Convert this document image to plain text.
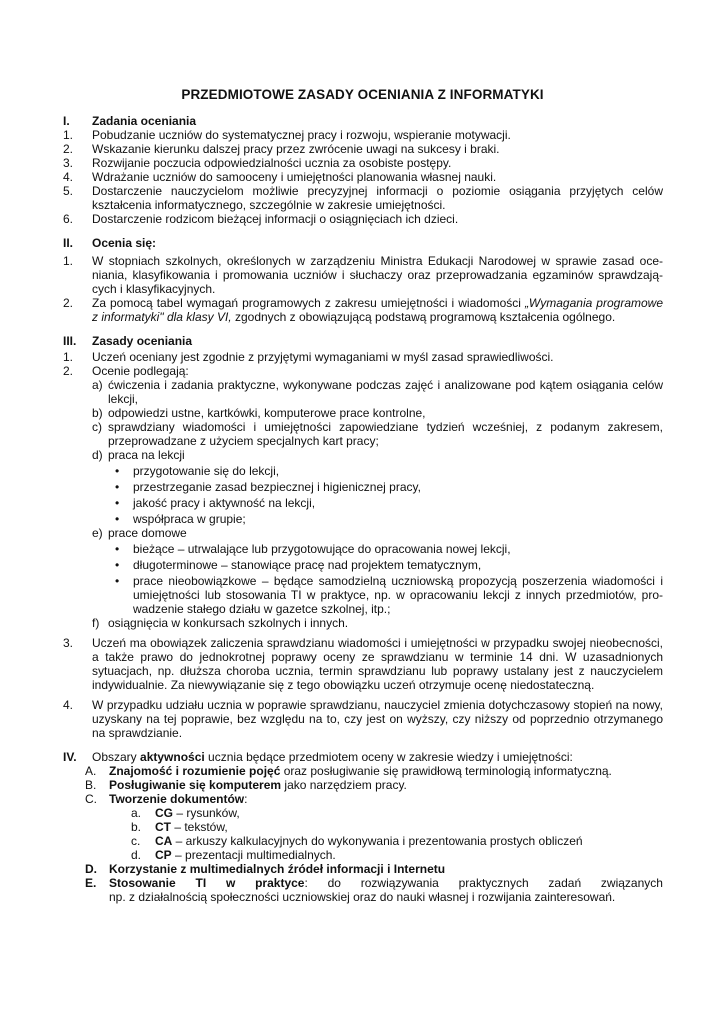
PRZEDMIOTOWE ZASADY OCENIANIA Z INFORMATYKI
I.	Zadania oceniania
1.	Pobudzanie uczniów do systematycznej pracy i rozwoju, wspieranie motywacji.
2.	Wskazanie kierunku dalszej pracy przez zwrócenie uwagi na sukcesy i braki.
3.	Rozwijanie poczucia odpowiedzialności ucznia za osobiste postępy.
4.	Wdrażanie uczniów do samooceny i umiejętności planowania własnej nauki.
5.	Dostarczenie nauczycielom możliwie precyzyjnej informacji o poziomie osiągania przyjętych celów kształcenia informatycznego, szczególnie w zakresie umiejętności.
6.	Dostarczenie rodzicom bieżącej informacji o osiągnięciach ich dzieci.
II.	Ocenia się:
1.	W stopniach szkolnych, określonych w zarządzeniu Ministra Edukacji Narodowej w sprawie zasad oceniania, klasyfikowania i promowania uczniów i słuchaczy oraz przeprowadzania egzaminów sprawdzających i klasyfikacyjnych.
2.	Za pomocą tabel wymagań programowych z zakresu umiejętności i wiadomości „Wymagania programowe z informatyki" dla klasy VI, zgodnych z obowiązującą podstawą programową kształcenia ogólnego.
III.	Zasady oceniania
1.	Uczeń oceniany jest zgodnie z przyjętymi wymaganiami w myśl zasad sprawiedliwości.
2.	Ocenie podlegają:
a) ćwiczenia i zadania praktyczne, wykonywane podczas zajęć i analizowane pod kątem osiągania celów lekcji,
b) odpowiedzi ustne, kartkówki, komputerowe prace kontrolne,
c) sprawdziany wiadomości i umiejętności zapowiedziane tydzień wcześniej, z podanym zakresem, przeprowadzane z użyciem specjalnych kart pracy;
d) praca na lekcji
•	przygotowanie się do lekcji,
•	przestrzeganie zasad bezpiecznej i higienicznej pracy,
•	jakość pracy i aktywność na lekcji,
•	współpraca w grupie;
e) prace domowe
•	bieżące – utrwalające lub przygotowujące do opracowania nowej lekcji,
•	długoterminowe – stanowiące pracę nad projektem tematycznym,
•	prace nieobowiązkowe – będące samodzielną uczniowską propozycją poszerzenia wiadomości i umiejętności lub stosowania TI w praktyce, np. w opracowaniu lekcji z innych przedmiotów, prowadzenie stałego działu w gazetce szkolnej, itp.;
f) osiągnięcia w konkursach szkolnych i innych.
3.	Uczeń ma obowiązek zaliczenia sprawdzianu wiadomości i umiejętności w przypadku swojej nieobecności, a także prawo do jednokrotnej poprawy oceny ze sprawdzianu w terminie 14 dni. W uzasadnionych sytuacjach, np. dłuższa choroba ucznia, termin sprawdzianu lub poprawy ustalany jest z nauczycielem indywidualnie. Za niewywiązanie się z tego obowiązku uczeń otrzymuje ocenę niedostateczną.
4.	W przypadku udziału ucznia w poprawie sprawdzianu, nauczyciel zmienia dotychczasowy stopień na nowy, uzyskany na tej poprawie, bez względu na to, czy jest on wyższy, czy niższy od poprzednio otrzymanego na sprawdzianie.
IV.	Obszary aktywności ucznia będące przedmiotem oceny w zakresie wiedzy i umiejętności:
A.	Znajomość i rozumienie pojęć oraz posługiwanie się prawidłową terminologią informatyczną.
B.	Posługiwanie się komputerem jako narzędziem pracy.
C.	Tworzenie dokumentów:
a.	CG – rysunków,
b.	CT – tekstów,
c.	CA – arkuszy kalkulacyjnych do wykonywania i prezentowania prostych obliczeń
d.	CP – prezentacji multimedialnych.
D.	Korzystanie z multimedialnych źródeł informacji i Internetu
E.	Stosowanie TI w praktyce: do rozwiązywania praktycznych zadań związanych
np. z działalnością społeczności uczniowskiej oraz do nauki własnej i rozwijania zainteresowań.
